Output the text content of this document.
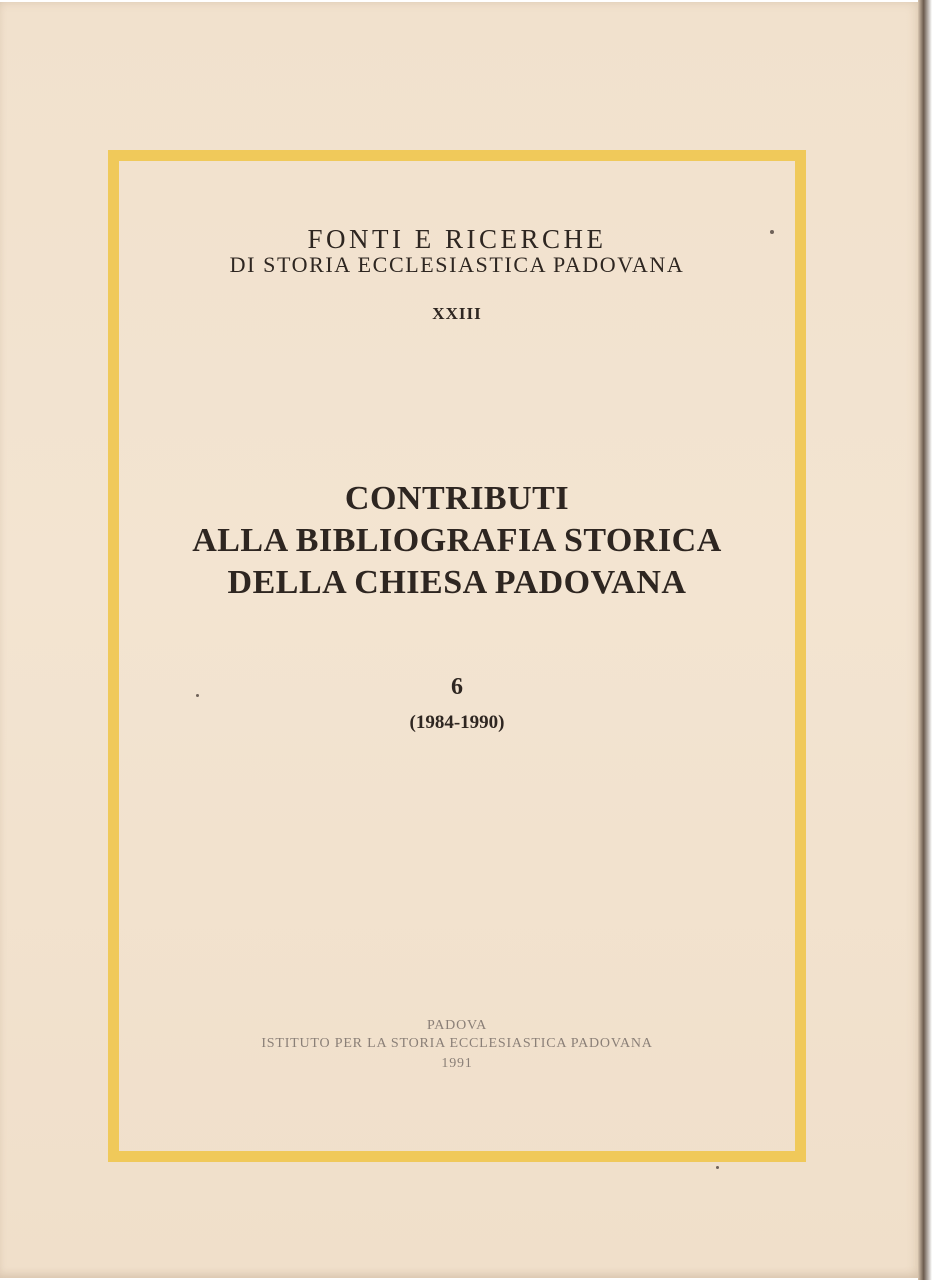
FONTI E RICERCHE
DI STORIA ECCLESIASTICA PADOVANA
XXIII
CONTRIBUTI
ALLA BIBLIOGRAFIA STORICA
DELLA CHIESA PADOVANA
6
(1984-1990)
PADOVA
ISTITUTO PER LA STORIA ECCLESIASTICA PADOVANA
1991
